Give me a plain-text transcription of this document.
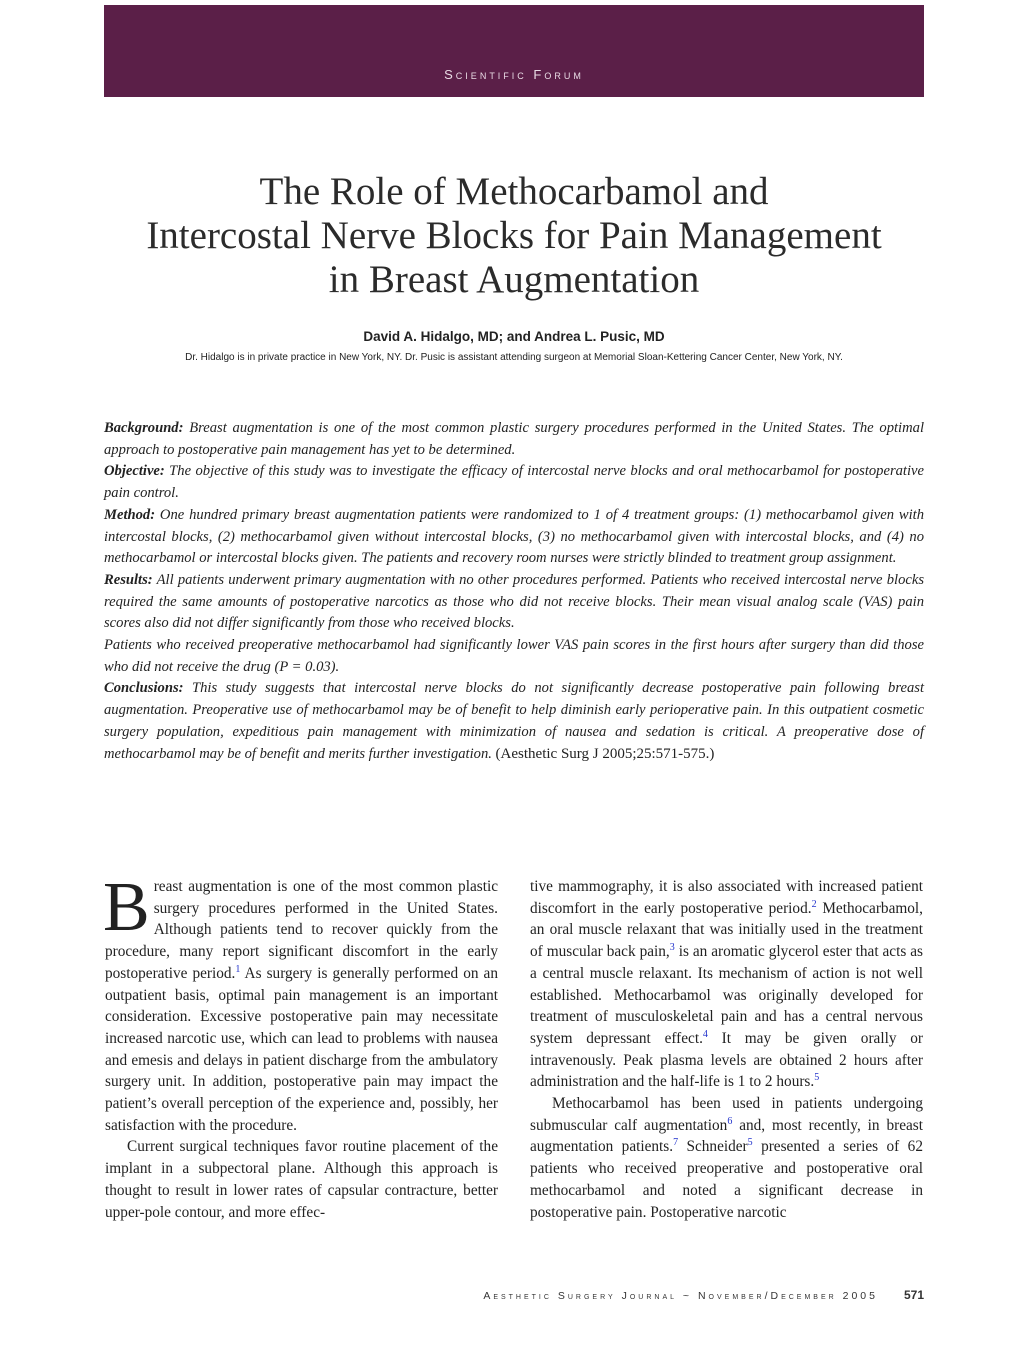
Scientific Forum
The Role of Methocarbamol and
Intercostal Nerve Blocks for Pain Management
in Breast Augmentation
David A. Hidalgo, MD; and Andrea L. Pusic, MD
Dr. Hidalgo is in private practice in New York, NY. Dr. Pusic is assistant attending surgeon at Memorial Sloan-Kettering Cancer Center, New York, NY.

Background: Breast augmentation is one of the most common plastic surgery procedures performed in the United States. The optimal approach to postoperative pain management has yet to be determined.

Objective: The objective of this study was to investigate the efficacy of intercostal nerve blocks and oral methocarbamol for postoperative pain control.

Method: One hundred primary breast augmentation patients were randomized to 1 of 4 treatment groups: (1) methocarbamol given with intercostal blocks, (2) methocarbamol given without intercostal blocks, (3) no methocarbamol given with intercostal blocks, and (4) no methocarbamol or intercostal blocks given. The patients and recovery room nurses were strictly blinded to treatment group assignment.

Results: All patients underwent primary augmentation with no other procedures performed. Patients who received intercostal nerve blocks required the same amounts of postoperative narcotics as those who did not receive blocks. Their mean visual analog scale (VAS) pain scores also did not differ significantly from those who received blocks.

Patients who received preoperative methocarbamol had significantly lower VAS pain scores in the first hours after surgery than did those who did not receive the drug (P = 0.03).

Conclusions: This study suggests that intercostal nerve blocks do not significantly decrease postoperative pain following breast augmentation. Preoperative use of methocarbamol may be of benefit to help diminish early perioperative pain. In this outpatient cosmetic surgery population, expeditious pain management with minimization of nausea and sedation is critical. A preoperative dose of methocarbamol may be of benefit and merits further investigation. (Aesthetic Surg J 2005;25:571-575.)

Breast augmentation is one of the most common plastic surgery procedures performed in the United States. Although patients tend to recover quickly from the procedure, many report significant discomfort in the early postoperative period.$^1$ As surgery is generally performed on an outpatient basis, optimal pain management is an important consideration. Excessive postoperative pain may necessitate increased narcotic use, which can lead to problems with nausea and emesis and delays in patient discharge from the ambulatory surgery unit. In addition, postoperative pain may impact the patient’s overall perception of the experience and, possibly, her satisfaction with the procedure.

Current surgical techniques favor routine placement of the implant in a subpectoral plane. Although this approach is thought to result in lower rates of capsular contracture, better upper-pole contour, and more effec-

tive mammography, it is also associated with increased patient discomfort in the early postoperative period.$^2$ Methocarbamol, an oral muscle relaxant that was initially used in the treatment of muscular back pain,$^3$ is an aromatic glycerol ester that acts as a central muscle relaxant. Its mechanism of action is not well established. Methocarbamol was originally developed for treatment of musculoskeletal pain and has a central nervous system depressant effect.$^4$ It may be given orally or intravenously. Peak plasma levels are obtained 2 hours after administration and the half-life is 1 to 2 hours.$^5$

Methocarbamol has been used in patients undergoing submuscular calf augmentation$^6$ and, most recently, in breast augmentation patients.$^7$ Schneider$^5$ presented a series of 62 patients who received preoperative and postoperative oral methocarbamol and noted a significant decrease in postoperative pain. Postoperative narcotic

Aesthetic Surgery Journal ~ November/December 2005 571
